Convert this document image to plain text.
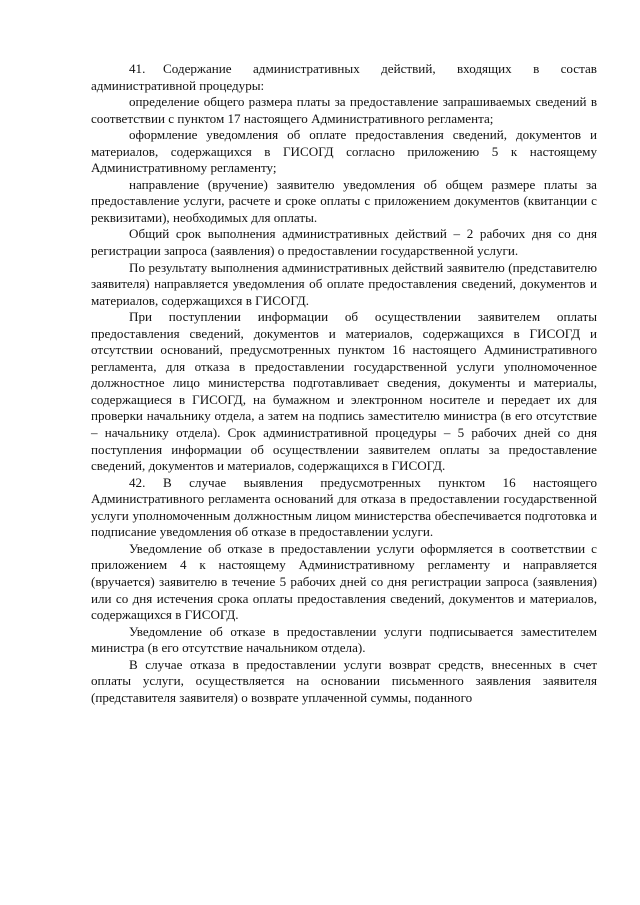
41. Содержание административных действий, входящих в состав административной процедуры:
определение общего размера платы за предоставление запрашиваемых сведений в соответствии с пунктом 17 настоящего Административного регламента;
оформление уведомления об оплате предоставления сведений, документов и материалов, содержащихся в ГИСОГД согласно приложению 5 к настоящему Административному регламенту;
направление (вручение) заявителю уведомления об общем размере платы за предоставление услуги, расчете и сроке оплаты с приложением документов (квитанции с реквизитами), необходимых для оплаты.
Общий срок выполнения административных действий – 2 рабочих дня со дня регистрации запроса (заявления) о предоставлении государственной услуги.
По результату выполнения административных действий заявителю (представителю заявителя) направляется уведомления об оплате предоставления сведений, документов и материалов, содержащихся в ГИСОГД.
При поступлении информации об осуществлении заявителем оплаты предоставления сведений, документов и материалов, содержащихся в ГИСОГД и отсутствии оснований, предусмотренных пунктом 16 настоящего Административного регламента, для отказа в предоставлении государственной услуги уполномоченное должностное лицо министерства подготавливает сведения, документы и материалы, содержащиеся в ГИСОГД, на бумажном и электронном носителе и передает их для проверки начальнику отдела, а затем на подпись заместителю министра (в его отсутствие – начальнику отдела). Срок административной процедуры – 5 рабочих дней со дня поступления информации об осуществлении заявителем оплаты за предоставление сведений, документов и материалов, содержащихся в ГИСОГД.
42. В случае выявления предусмотренных пунктом 16 настоящего Административного регламента оснований для отказа в предоставлении государственной услуги уполномоченным должностным лицом министерства обеспечивается подготовка и подписание уведомления об отказе в предоставлении услуги.
Уведомление об отказе в предоставлении услуги оформляется в соответствии с приложением 4 к настоящему Административному регламенту и направляется (вручается) заявителю в течение 5 рабочих дней со дня регистрации запроса (заявления) или со дня истечения срока оплаты предоставления сведений, документов и материалов, содержащихся в ГИСОГД.
Уведомление об отказе в предоставлении услуги подписывается заместителем министра (в его отсутствие начальником отдела).
В случае отказа в предоставлении услуги возврат средств, внесенных в счет оплаты услуги, осуществляется на основании письменного заявления заявителя (представителя заявителя) о возврате уплаченной суммы, поданного
